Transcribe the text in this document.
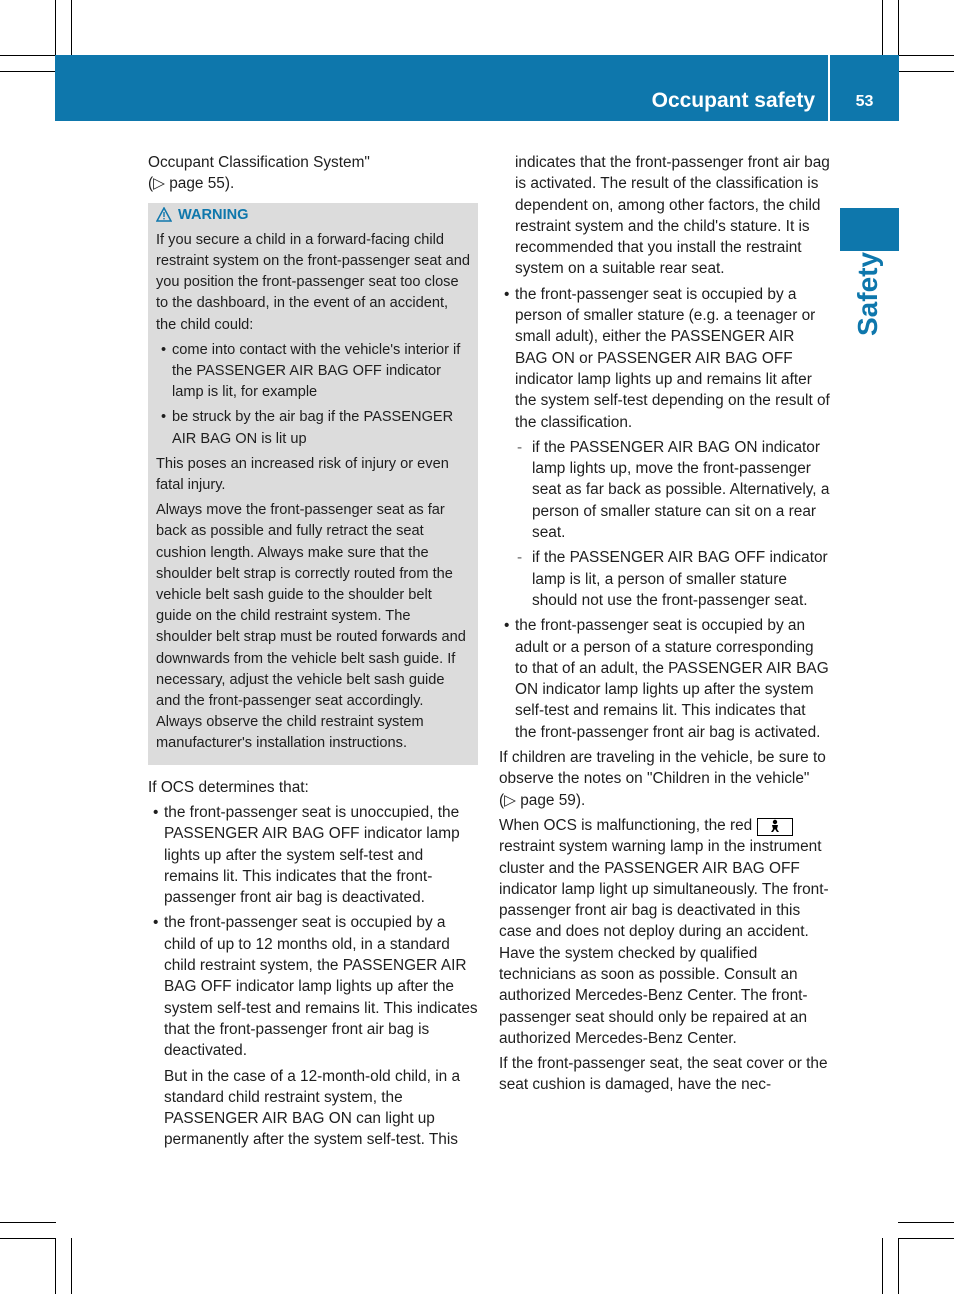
Occupant safety	53
Safety

Occupant Classification System"
(▷ page 55).

WARNING

If you secure a child in a forward-facing child restraint system on the front-passenger seat and you position the front-passenger seat too close to the dashboard, in the event of an accident, the child could:

• come into contact with the vehicle's interior if the PASSENGER AIR BAG OFF indicator lamp is lit, for example
• be struck by the air bag if the PASSENGER AIR BAG ON is lit up

This poses an increased risk of injury or even fatal injury.

Always move the front-passenger seat as far back as possible and fully retract the seat cushion length. Always make sure that the shoulder belt strap is correctly routed from the vehicle belt sash guide to the shoulder belt guide on the child restraint system. The shoulder belt strap must be routed forwards and downwards from the vehicle belt sash guide. If necessary, adjust the vehicle belt sash guide and the front-passenger seat accordingly. Always observe the child restraint system manufacturer's installation instructions.

If OCS determines that:

• the front-passenger seat is unoccupied, the PASSENGER AIR BAG OFF indicator lamp lights up after the system self-test and remains lit. This indicates that the front-passenger front air bag is deactivated.
• the front-passenger seat is occupied by a child of up to 12 months old, in a standard child restraint system, the PASSENGER AIR BAG OFF indicator lamp lights up after the system self-test and remains lit. This indicates that the front-passenger front air bag is deactivated.

But in the case of a 12-month-old child, in a standard child restraint system, the PASSENGER AIR BAG ON can light up permanently after the system self-test. This

indicates that the front-passenger front air bag is activated. The result of the classification is dependent on, among other factors, the child restraint system and the child's stature. It is recommended that you install the restraint system on a suitable rear seat.

• the front-passenger seat is occupied by a person of smaller stature (e.g. a teenager or small adult), either the PASSENGER AIR BAG ON or PASSENGER AIR BAG OFF indicator lamp lights up and remains lit after the system self-test depending on the result of the classification.
- if the PASSENGER AIR BAG ON indicator lamp lights up, move the front-passenger seat as far back as possible. Alternatively, a person of smaller stature can sit on a rear seat.
- if the PASSENGER AIR BAG OFF indicator lamp is lit, a person of smaller stature should not use the front-passenger seat.
• the front-passenger seat is occupied by an adult or a person of a stature corresponding to that of an adult, the PASSENGER AIR BAG ON indicator lamp lights up after the system self-test and remains lit. This indicates that the front-passenger front air bag is activated.

If children are traveling in the vehicle, be sure to observe the notes on "Children in the vehicle" (▷ page 59).

When OCS is malfunctioning, the red  restraint system warning lamp in the instrument cluster and the PASSENGER AIR BAG OFF indicator lamp light up simultaneously. The front-passenger front air bag is deactivated in this case and does not deploy during an accident. Have the system checked by qualified technicians as soon as possible. Consult an authorized Mercedes-Benz Center. The front-passenger seat should only be repaired at an authorized Mercedes-Benz Center.

If the front-passenger seat, the seat cover or the seat cushion is damaged, have the nec-
